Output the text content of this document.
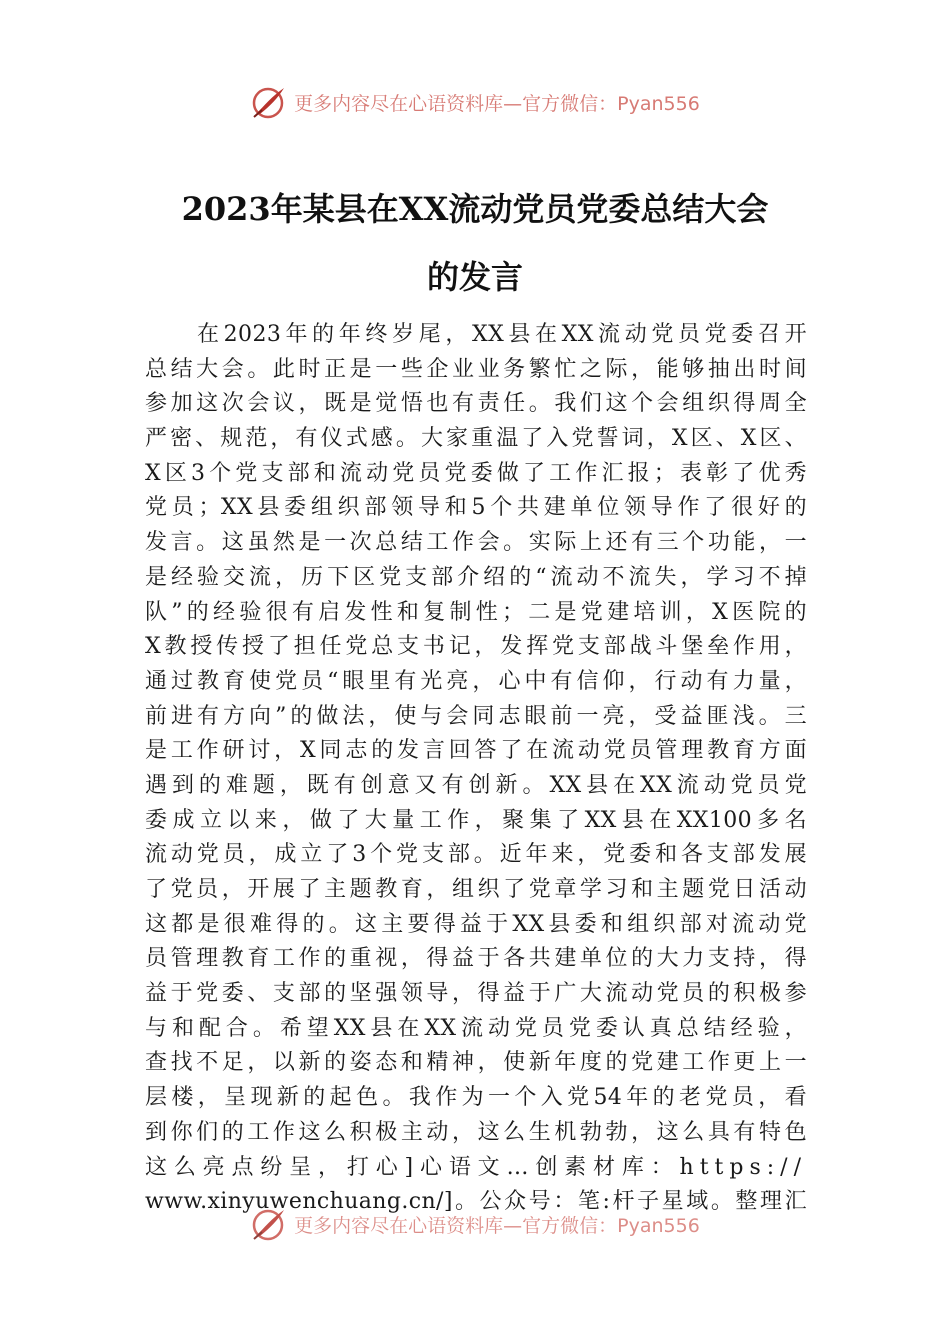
更多内容尽在心语资料库—官方微信：Pyan556
2023年某县在XX流动党员党委总结大会
的发言
在2023年的年终岁尾，XX县在XX流动党员党委召开
总结大会。此时正是一些企业业务繁忙之际，能够抽出时间
参加这次会议，既是觉悟也有责任。我们这个会组织得周全
严密、规范，有仪式感。大家重温了入党誓词，X区、X区、
X区3个党支部和流动党员党委做了工作汇报；表彰了优秀
党员；XX县委组织部领导和5个共建单位领导作了很好的
发言。这虽然是一次总结工作会。实际上还有三个功能，一
是经验交流，历下区党支部介绍的“流动不流失，学习不掉
队”的经验很有启发性和复制性；二是党建培训，X医院的
X教授传授了担任党总支书记，发挥党支部战斗堡垒作用，
通过教育使党员“眼里有光亮，心中有信仰，行动有力量，
前进有方向”的做法，使与会同志眼前一亮，受益匪浅。三
是工作研讨，X同志的发言回答了在流动党员管理教育方面
遇到的难题，既有创意又有创新。XX县在XX流动党员党
委成立以来，做了大量工作，聚集了XX县在XX100多名
流动党员，成立了3个党支部。近年来，党委和各支部发展
了党员，开展了主题教育，组织了党章学习和主题党日活动
这都是很难得的。这主要得益于XX县委和组织部对流动党
员管理教育工作的重视，得益于各共建单位的大力支持，得
益于党委、支部的坚强领导，得益于广大流动党员的积极参
与和配合。希望XX县在XX流动党员党委认真总结经验，
查找不足，以新的姿态和精神，使新年度的党建工作更上一
层楼，呈现新的起色。我作为一个入党54年的老党员，看
到你们的工作这么积极主动，这么生机勃勃，这么具有特色
这么亮点纷呈，打心]心语文…创素材库：https://
www.xinyuwenchuang.cn/]。公众号：笔:杆子星域。整理汇
更多内容尽在心语资料库—官方微信：Pyan556
